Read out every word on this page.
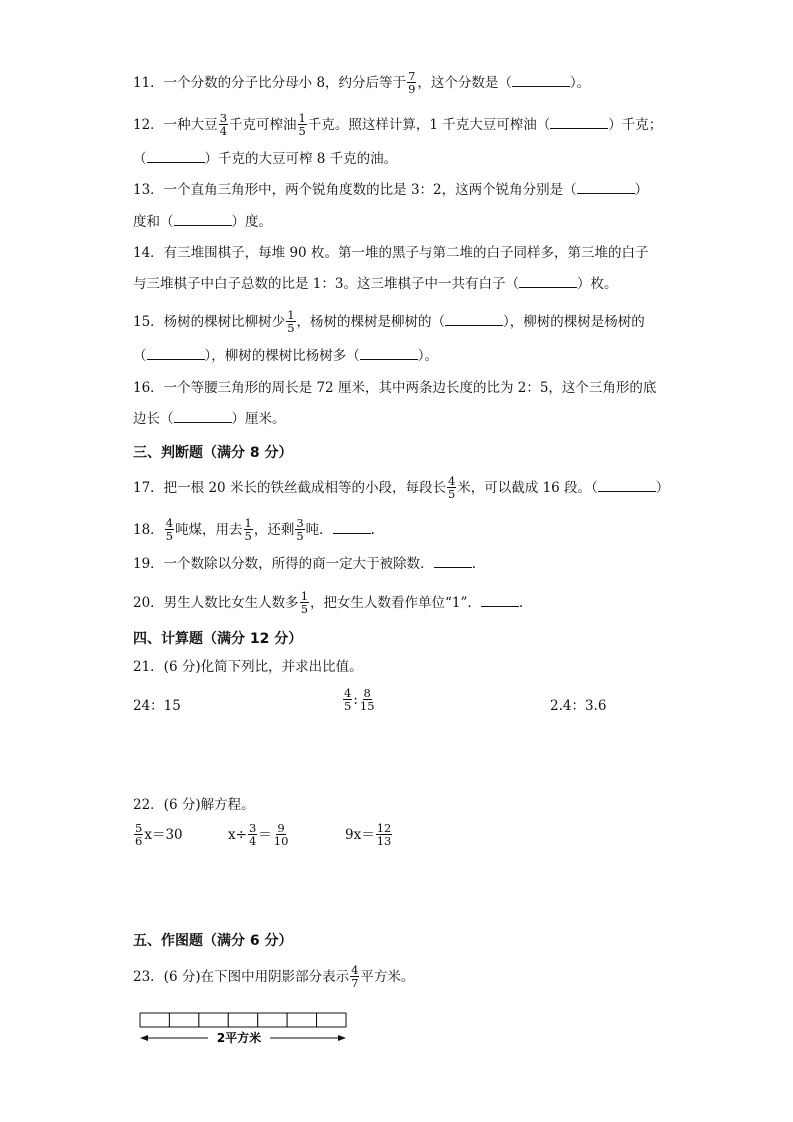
11．一个分数的分子比分母小 8，约分后等于 $\frac{7}{9}$ ，这个分数是（	）。
12．一种大豆 $\frac{3}{4}$ 千克可榨油 $\frac{1}{5}$ 千克。照这样计算，1 千克大豆可榨油（	）千克；
（	）千克的大豆可榨 8 千克的油。
13．一个直角三角形中，两个锐角度数的比是 3：2，这两个锐角分别是（	）
度和（	）度。
14．有三堆围棋子，每堆 90 枚。第一堆的黑子与第二堆的白子同样多，第三堆的白子
与三堆棋子中白子总数的比是 1：3。这三堆棋子中一共有白子（	）枚。
15．杨树的棵树比柳树少 $\frac{1}{5}$ ，杨树的棵树是柳树的（	），柳树的棵树是杨树的
（	），柳树的棵树比杨树多（	）。
16．一个等腰三角形的周长是 72 厘米，其中两条边长度的比为 2：5，这个三角形的底
边长（	）厘米。
三、判断题（满分 8 分）
17．把一根 20 米长的铁丝截成相等的小段，每段长 $\frac{4}{5}$ 米，可以截成 16 段。（	）
18． $\frac{4}{5}$ 吨煤，用去 $\frac{1}{5}$ ，还剩 $\frac{3}{5}$ 吨．	.
19．一个数除以分数，所得的商一定大于被除数．	.
20．男生人数比女生人数多 $\frac{1}{5}$ ，把女生人数看作单位“1”．	.
四、计算题（满分 12 分）
21．(6 分)化简下列比，并求出比值。
24：15	$\frac{4}{5}$ : $\frac{8}{15}$	2.4：3.6
22．(6 分)解方程。
$\frac{5}{6} x=30$	$x\div \frac{3}{4} = \frac{9}{10}$	$9x= \frac{12}{13}$
五、作图题（满分 6 分）
23．(6 分)在下图中用阴影部分表示 $\frac{4}{7}$ 平方米。
2平方米
